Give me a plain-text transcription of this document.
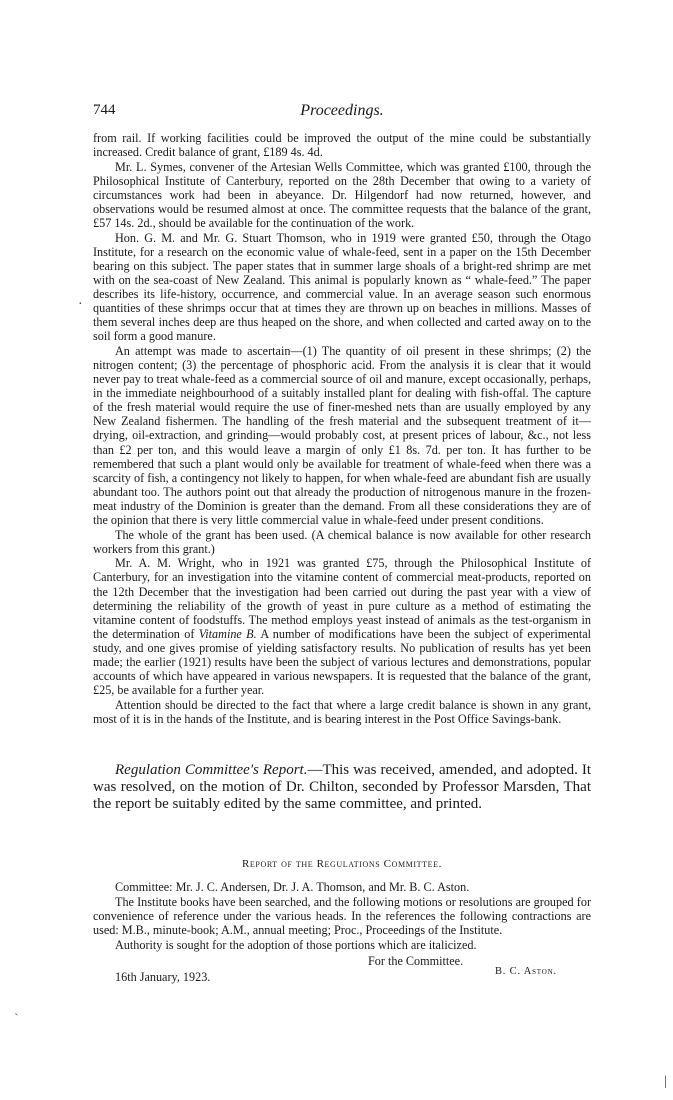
744	Proceedings.

from rail. If working facilities could be improved the output of the mine could be substantially increased. Credit balance of grant, £189 4s. 4d.

Mr. L. Symes, convener of the Artesian Wells Committee, which was granted £100, through the Philosophical Institute of Canterbury, reported on the 28th December that owing to a variety of circumstances work had been in abeyance. Dr. Hilgendorf had now returned, however, and observations would be resumed almost at once. The committee requests that the balance of the grant, £57 14s. 2d., should be available for the continuation of the work.

Hon. G. M. and Mr. G. Stuart Thomson, who in 1919 were granted £50, through the Otago Institute, for a research on the economic value of whale-feed, sent in a paper on the 15th December bearing on this subject. The paper states that in summer large shoals of a bright-red shrimp are met with on the sea-coast of New Zealand. This animal is popularly known as “ whale-feed.” The paper describes its life-history, occurrence, and commercial value. In an average season such enormous quantities of these shrimps occur that at times they are thrown up on beaches in millions. Masses of them several inches deep are thus heaped on the shore, and when collected and carted away on to the soil form a good manure.

An attempt was made to ascertain—(1) The quantity of oil present in these shrimps; (2) the nitrogen content; (3) the percentage of phosphoric acid. From the analysis it is clear that it would never pay to treat whale-feed as a commercial source of oil and manure, except occasionally, perhaps, in the immediate neighbourhood of a suitably installed plant for dealing with fish-offal. The capture of the fresh material would require the use of finer-meshed nets than are usually employed by any New Zealand fishermen. The handling of the fresh material and the subsequent treatment of it—drying, oil-extraction, and grinding—would probably cost, at present prices of labour, &c., not less than £2 per ton, and this would leave a margin of only £1 8s. 7d. per ton. It has further to be remembered that such a plant would only be available for treatment of whale-feed when there was a scarcity of fish, a contingency not likely to happen, for when whale-feed are abundant fish are usually abundant too. The authors point out that already the production of nitrogenous manure in the frozen-meat industry of the Dominion is greater than the demand. From all these considerations they are of the opinion that there is very little commercial value in whale-feed under present conditions.

The whole of the grant has been used. (A chemical balance is now available for other research workers from this grant.)

Mr. A. M. Wright, who in 1921 was granted £75, through the Philosophical Institute of Canterbury, for an investigation into the vitamine content of commercial meat-products, reported on the 12th December that the investigation had been carried out during the past year with a view of determining the reliability of the growth of yeast in pure culture as a method of estimating the vitamine content of foodstuffs. The method employs yeast instead of animals as the test-organism in the determination of Vitamine B. A number of modifications have been the subject of experimental study, and one gives promise of yielding satisfactory results. No publication of results has yet been made; the earlier (1921) results have been the subject of various lectures and demonstrations, popular accounts of which have appeared in various newspapers. It is requested that the balance of the grant, £25, be available for a further year.

Attention should be directed to the fact that where a large credit balance is shown in any grant, most of it is in the hands of the Institute, and is bearing interest in the Post Office Savings-bank.

Regulation Committee's Report.—This was received, amended, and adopted. It was resolved, on the motion of Dr. Chilton, seconded by Professor Marsden, That the report be suitably edited by the same committee, and printed.

Report of the Regulations Committee.

Committee: Mr. J. C. Andersen, Dr. J. A. Thomson, and Mr. B. C. Aston.

The Institute books have been searched, and the following motions or resolutions are grouped for convenience of reference under the various heads. In the references the following contractions are used: M.B., minute-book; A.M., annual meeting; Proc., Proceedings of the Institute.

Authority is sought for the adoption of those portions which are italicized.

For the Committee.
16th January, 1923.	B. C. Aston.
·
`
|
